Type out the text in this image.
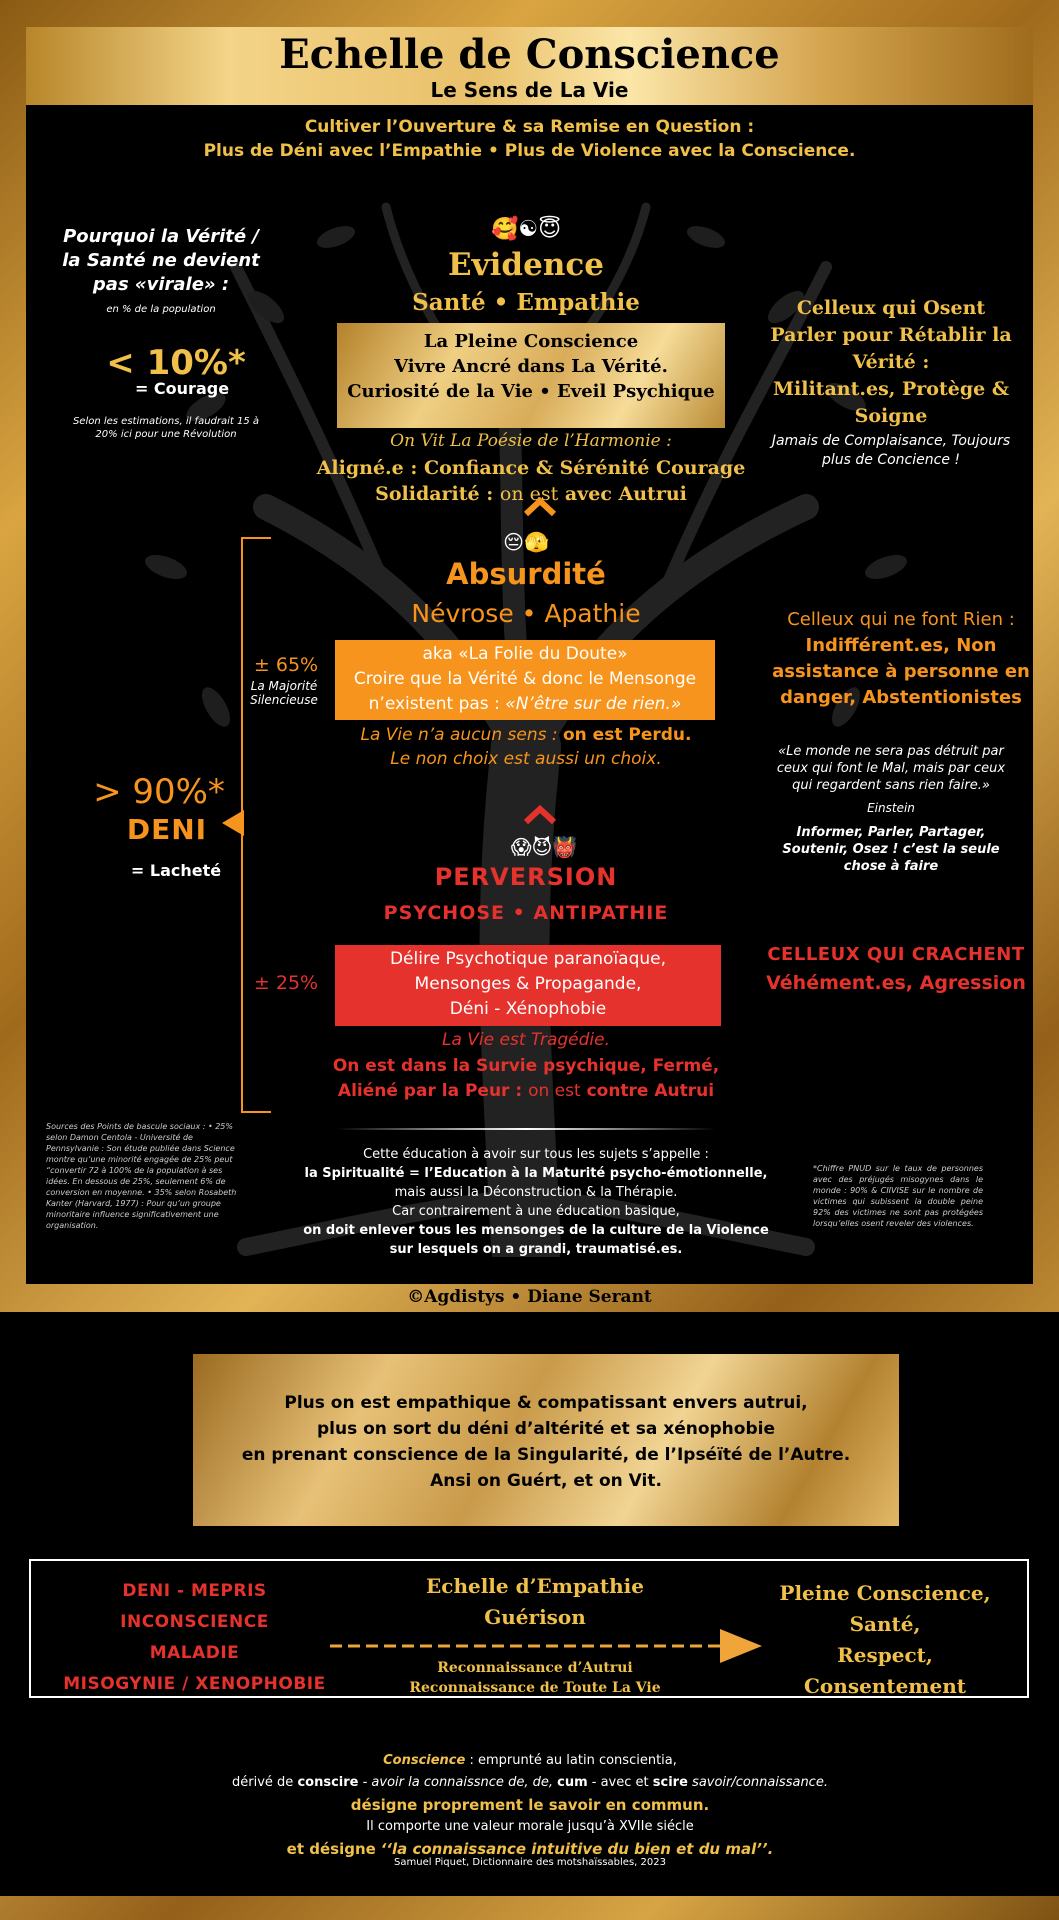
Echelle de Conscience
Le Sens de La Vie
Cultiver l’Ouverture & sa Remise en Question :
Plus de Déni avec l’Empathie • Plus de Violence avec la Conscience.
Pourquoi la Vérité / la Santé ne devient pas «virale» :
en % de la population
< 10%*
= Courage
Selon les estimations, il faudrait 15 à 20% ici pour une Révolution
🥰☯😇
Evidence
Santé • Empathie
La Pleine Conscience
Vivre Ancré dans La Vérité.
Curiosité de la Vie • Eveil Psychique
On Vit La Poésie de l’Harmonie :
Aligné.e : Confiance & Sérénité Courage
Solidarité : on est avec Autrui
Celleux qui Osent Parler pour Rétablir la Vérité :
Militant.es, Protège & Soigne
Jamais de Complaisance, Toujours plus de Concience !
> 90%*
DENI
= Lacheté
😔🫣
Absurdité
Névrose • Apathie
aka «La Folie du Doute»
Croire que la Vérité & donc le Mensonge
n’existent pas : «N’être sur de rien.»
La Vie n’a aucun sens : on est Perdu.
Le non choix est aussi un choix.
± 65%
La Majorité Silencieuse
Celleux qui ne font Rien :
Indifférent.es, Non assistance à personne en danger, Abstentionistes
«Le monde ne sera pas détruit par ceux qui font le Mal, mais par ceux qui regardent sans rien faire.»
Einstein
Informer, Parler, Partager, Soutenir, Osez ! c’est la seule chose à faire
😱😈👹
PERVERSION
PSYCHOSE • ANTIPATHIE
Délire Psychotique paranoïaque,
Mensonges & Propagande,
Déni - Xénophobie
La Vie est Tragédie.
On est dans la Survie psychique, Fermé,
Aliéné par la Peur : on est contre Autrui
± 25%
CELLEUX QUI CRACHENT
Véhément.es, Agression
Cette éducation à avoir sur tous les sujets s’appelle :
la Spiritualité = l’Education à la Maturité psycho-émotionnelle,
mais aussi la Déconstruction & la Thérapie.
Car contrairement à une éducation basique,
on doit enlever tous les mensonges de la culture de la Violence
sur lesquels on a grandi, traumatisé.es.
Sources des Points de bascule sociaux : • 25% selon Damon Centola - Université de Pennsylvanie : Son étude publiée dans Science montre qu’une minorité engagée de 25% peut “convertir 72 à 100% de la population à ses idées. En dessous de 25%, seulement 6% de conversion en moyenne. • 35% selon Rosabeth Kanter (Harvard, 1977) : Pour qu’un groupe minoritaire influence significativement une organisation.
*Chiffre PNUD sur le taux de personnes avec des préjugés misogynes dans le monde : 90% & CIIVISE sur le nombre de victimes qui subissent la double peine 92% des victimes ne sont pas protégées lorsqu’elles osent reveler des violences.
©Agdistys • Diane Serant
Plus on est empathique & compatissant envers autrui,
plus on sort du déni d’altérité et sa xénophobie
en prenant conscience de la Singularité, de l’Ipséïté de l’Autre.
Ansi on Guért, et on Vit.
DENI - MEPRIS
INCONSCIENCE
MALADIE
MISOGYNIE / XENOPHOBIE
Echelle d’Empathie
Guérison
Reconnaissance d’Autrui
Reconnaissance de Toute La Vie
Pleine Conscience,
Santé,
Respect,
Consentement
Conscience : emprunté au latin conscientia,
dérivé de conscire - avoir la connaissnce de, de, cum - avec et scire savoir/connaissance.
désigne proprement le savoir en commun.
Il comporte une valeur morale jusqu’à XVIIe siécle
et désigne ‘‘la connaissance intuitive du bien et du mal’’.
Samuel Piquet, Dictionnaire des motshaïssables, 2023
